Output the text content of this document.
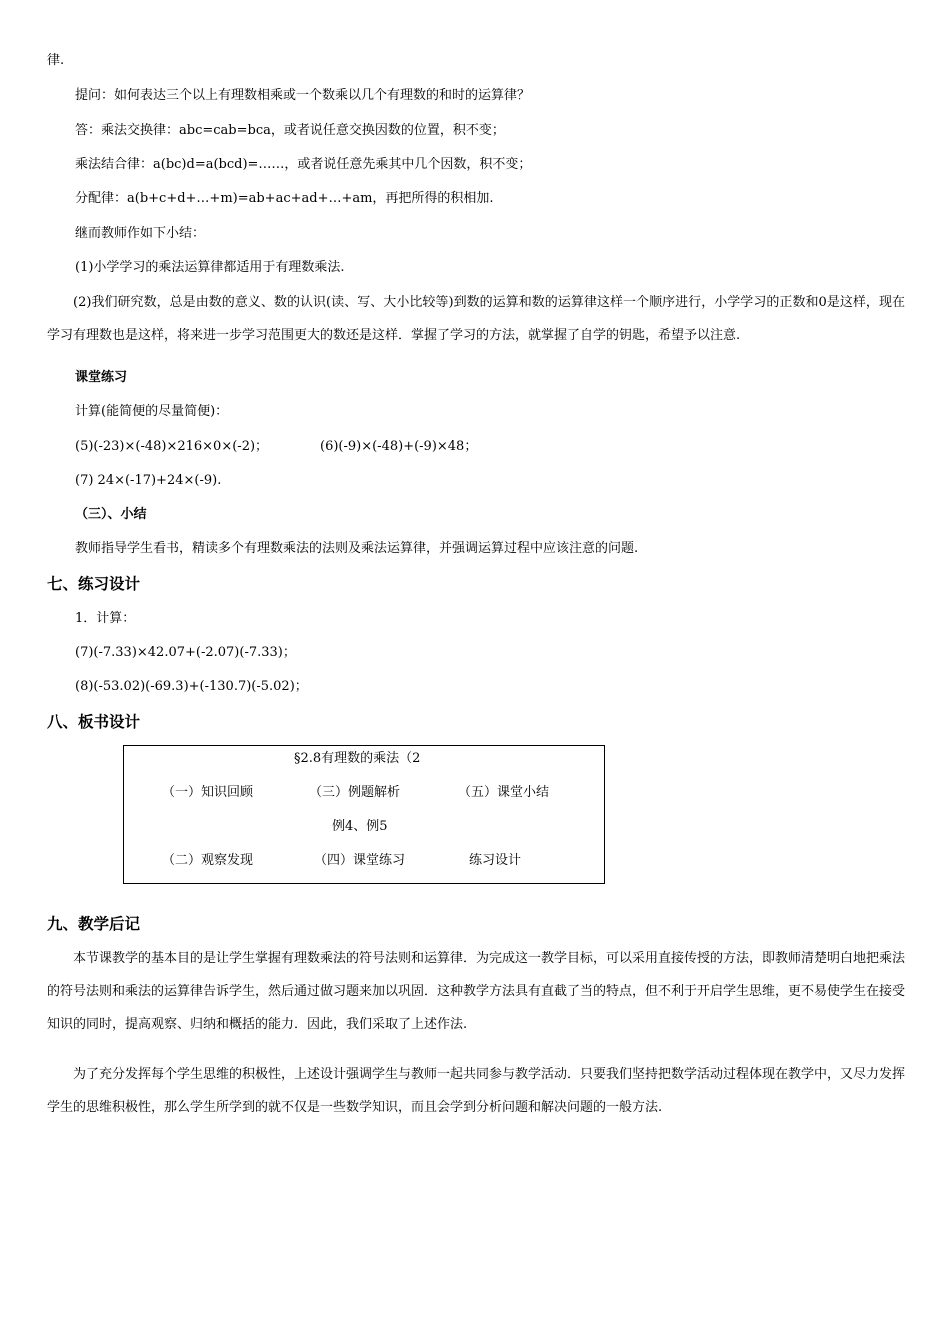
律.
提问：如何表达三个以上有理数相乘或一个数乘以几个有理数的和时的运算律？
答：乘法交换律：abc=cab=bca，或者说任意交换因数的位置，积不变；
乘法结合律：a(bc)d=a(bcd)=……，或者说任意先乘其中几个因数，积不变；
分配律：a(b+c+d+…+m)=ab+ac+ad+…+am，再把所得的积相加.
继而教师作如下小结：
(1)小学学习的乘法运算律都适用于有理数乘法.
(2)我们研究数，总是由数的意义、数的认识(读、写、大小比较等)到数的运算和数的运算律这样一个顺序进行，小学学习的正数和0是这样，现在学习有理数也是这样，将来进一步学习范围更大的数还是这样．掌握了学习的方法，就掌握了自学的钥匙，希望予以注意.
课堂练习
计算(能简便的尽量简便)：
(5)(-23)×(-48)×216×0×(-2)；	(6)(-9)×(-48)+(-9)×48；
(7) 24×(-17)+24×(-9).
（三）、小结
教师指导学生看书，精读多个有理数乘法的法则及乘法运算律，并强调运算过程中应该注意的问题.
七、练习设计
1．计算：
(7)(-7.33)×42.07+(-2.07)(-7.33)；
(8)(-53.02)(-69.3)+(-130.7)(-5.02)；
八、板书设计
§2.8有理数的乘法（2
（一）知识回顾	（三）例题解析	（五）课堂小结
例4、例5
（二）观察发现	（四）课堂练习	练习设计
九、教学后记
本节课教学的基本目的是让学生掌握有理数乘法的符号法则和运算律．为完成这一教学目标，可以采用直接传授的方法，即教师清楚明白地把乘法的符号法则和乘法的运算律告诉学生，然后通过做习题来加以巩固．这种教学方法具有直截了当的特点，但不利于开启学生思维，更不易使学生在接受知识的同时，提高观察、归纳和概括的能力．因此，我们采取了上述作法.
为了充分发挥每个学生思维的积极性，上述设计强调学生与教师一起共同参与教学活动．只要我们坚持把数学活动过程体现在教学中，又尽力发挥学生的思维积极性，那么学生所学到的就不仅是一些数学知识，而且会学到分析问题和解决问题的一般方法.
